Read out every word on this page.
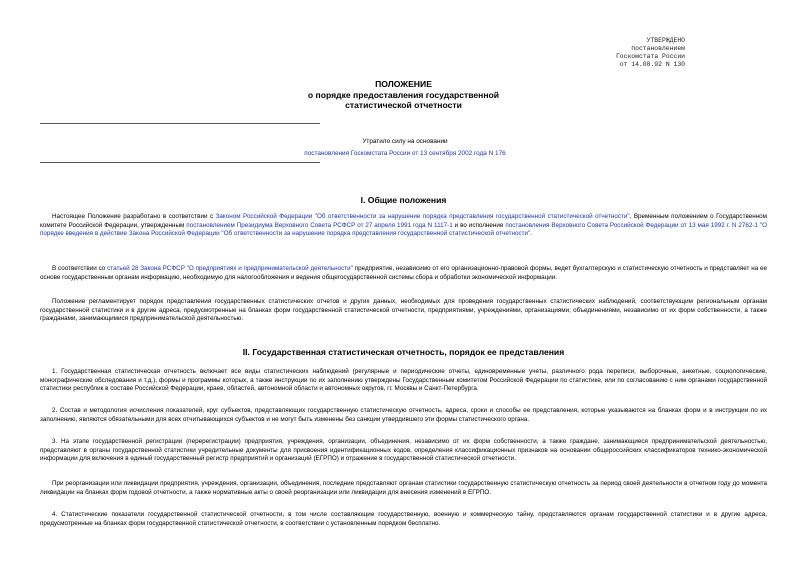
УТВЕРЖДЕНО
постановлением
Госкомстата России
от 14.08.92 N 130
ПОЛОЖЕНИЕ
о порядке предоставления государственной
статистической отчетности
Утратило силу на основании
постановления Госкомстата России от 13 сентября 2002 года N 176
I. Общие положения
Настоящее Положение разработано в соответствии с Законом Российской Федерации "Об ответственности за нарушение порядка представления государственной статистической отчетности", Временным положением о Государственном комитете Российской Федерации, утвержденным постановлением Президиума Верховного Совета РСФСР от 27 апреля 1991 года N 1117-1 и во исполнение постановления Верховного Совета Российской Федерации от 13 мая 1992 г. N 2762-1 "О порядке введения в действие Закона Российской Федерации "Об ответственности за нарушение порядка представления государственной статистической отчетности".
В соответствии со статьей 28 Закона РСФСР "О предприятиях и предпринимательской деятельности" предприятие, независимо от его организационно-правовой формы, ведет бухгалтерскую и статистическую отчетность и представляет на ее основе государственным органам информацию, необходимую для налогообложения и ведения общегосударственной системы сбора и обработки экономической информации.
Положение регламентирует порядок представления государственных статистических отчетов и других данных, необходимых для проведения государственных статистических наблюдений, соответствующим региональным органам государственной статистики и в другие адреса, предусмотренные на бланках форм государственной статистической отчетности, предприятиями, учреждениями, организациями, объединениями, независимо от их форм собственности, а также гражданами, занимающимися предпринимательской деятельностью.
II. Государственная статистическая отчетность, порядок ее представления
1. Государственная статистическая отчетность включает все виды статистических наблюдений (регулярные и периодические отчеты, единовременные учеты, различного рода переписи, выборочные, анкетные, социологические, монографические обследования и т.д.), формы и программы которых, а также инструкции по их заполнению утверждены Государственным комитетом Российской Федерации по статистике, или по согласованию с ним органами государственной статистики республик в составе Российской Федерации, краев, областей, автономной области и автономных округов, гг. Москвы и Санкт-Петербурга.
2. Состав и методология исчисления показателей, круг субъектов, представляющих государственную статистическую отчетность, адреса, сроки и способы ее представления, которые указываются на бланках форм и в инструкции по их заполнению, являются обязательными для всех отчитывающихся субъектов и не могут быть изменены без санкции утвердившего эти формы статистического органа.
3. На этапе государственной регистрации (перерегистрации) предприятия, учреждения, организации, объединения, независимо от их форм собственности, а также граждане, занимающиеся предпринимательской деятельностью, представляют в органы государственной статистики учредительные документы для присвоения идентификационных кодов, определения классификационных признаков на основании общероссийских классификаторов технико-экономической информации для включения в единый государственный регистр предприятий и организаций (ЕГРПО) и отражение в государственной статистической отчетности.
При реорганизации или ликвидации предприятия, учреждения, организации, объединения, последние представляют органам статистики государственную статистическую отчетность за период своей деятельности в отчетном году до момента ликвидации на бланках форм годовой отчетности, а также нормативные акты о своей реорганизации или ликвидации для внесения изменений в ЕГРПО.
4. Статистические показатели государственной статистической отчетности, в том числе составляющие государственную, военную и коммерческую тайну, представляются органам государственной статистики и в другие адреса, предусмотренные на бланках форм государственной статистической отчетности, в соответствии с установленным порядком бесплатно.
